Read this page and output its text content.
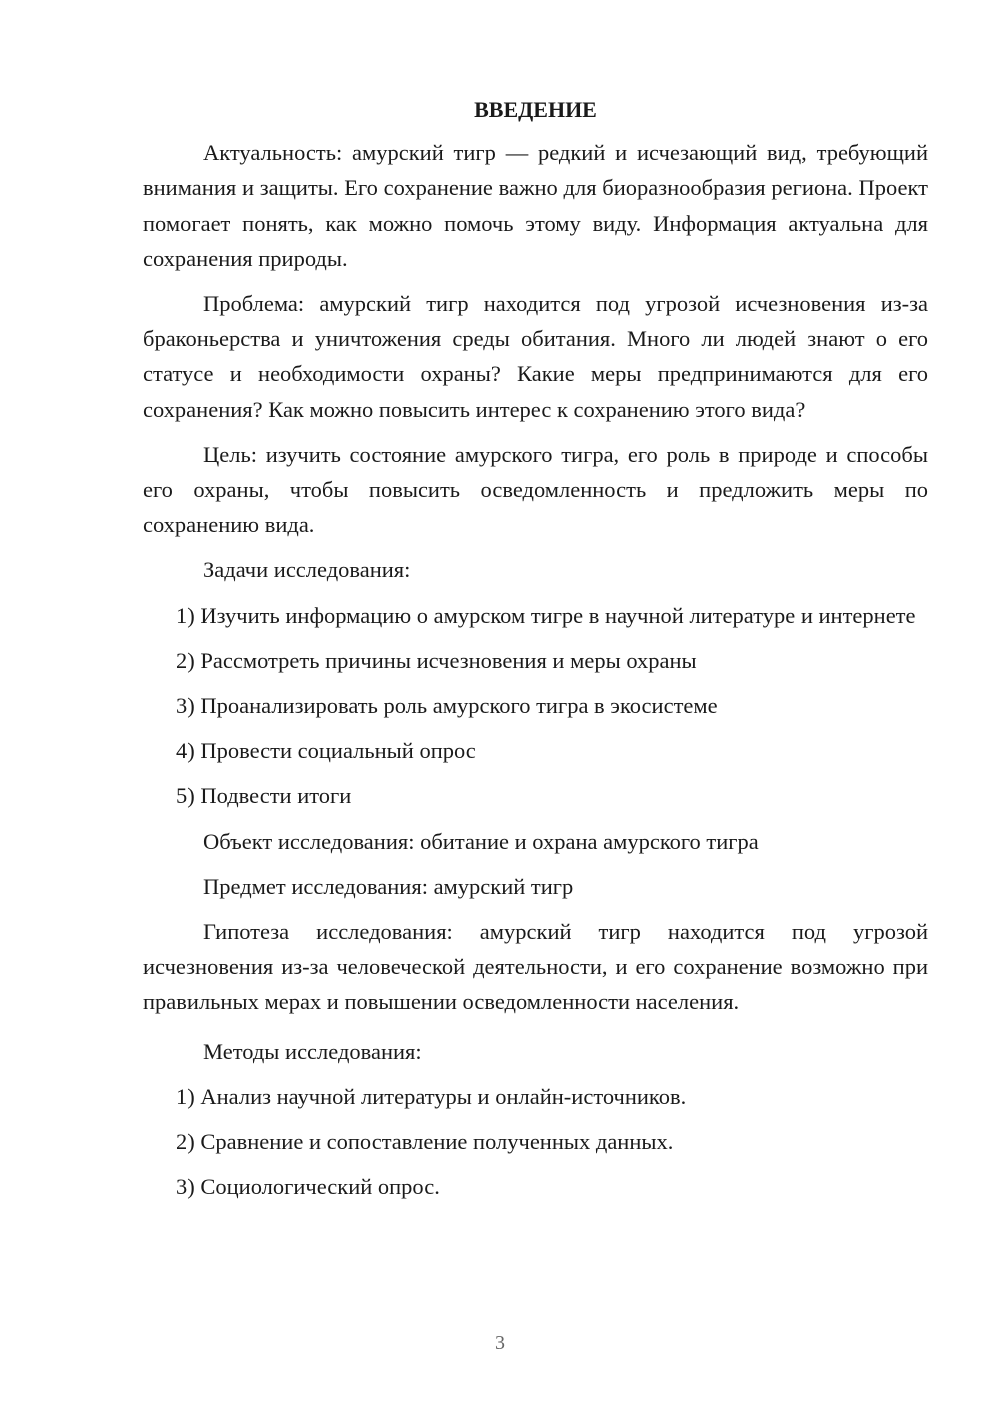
ВВЕДЕНИЕ

Актуальность: амурский тигр — редкий и исчезающий вид, требующий внимания и защиты. Его сохранение важно для биоразнообразия региона. Проект помогает понять, как можно помочь этому виду. Информация актуальна для сохранения природы.

Проблема: амурский тигр находится под угрозой исчезновения из-за браконьерства и уничтожения среды обитания. Много ли людей знают о его статусе и необходимости охраны? Какие меры предпринимаются для его сохранения? Как можно повысить интерес к сохранению этого вида?

Цель: изучить состояние амурского тигра, его роль в природе и способы его охраны, чтобы повысить осведомленность и предложить меры по сохранению вида.

Задачи исследования:

1) Изучить информацию о амурском тигре в научной литературе и интернете

2) Рассмотреть причины исчезновения и меры охраны

3) Проанализировать роль амурского тигра в экосистеме

4) Провести социальный опрос

5) Подвести итоги

Объект исследования: обитание и охрана амурского тигра

Предмет исследования: амурский тигр

Гипотеза исследования: амурский тигр находится под угрозой исчезновения из-за человеческой деятельности, и его сохранение возможно при правильных мерах и повышении осведомленности населения.

Методы исследования:

1) Анализ научной литературы и онлайн-источников.

2) Сравнение и сопоставление полученных данных.

3) Социологический опрос.

3
